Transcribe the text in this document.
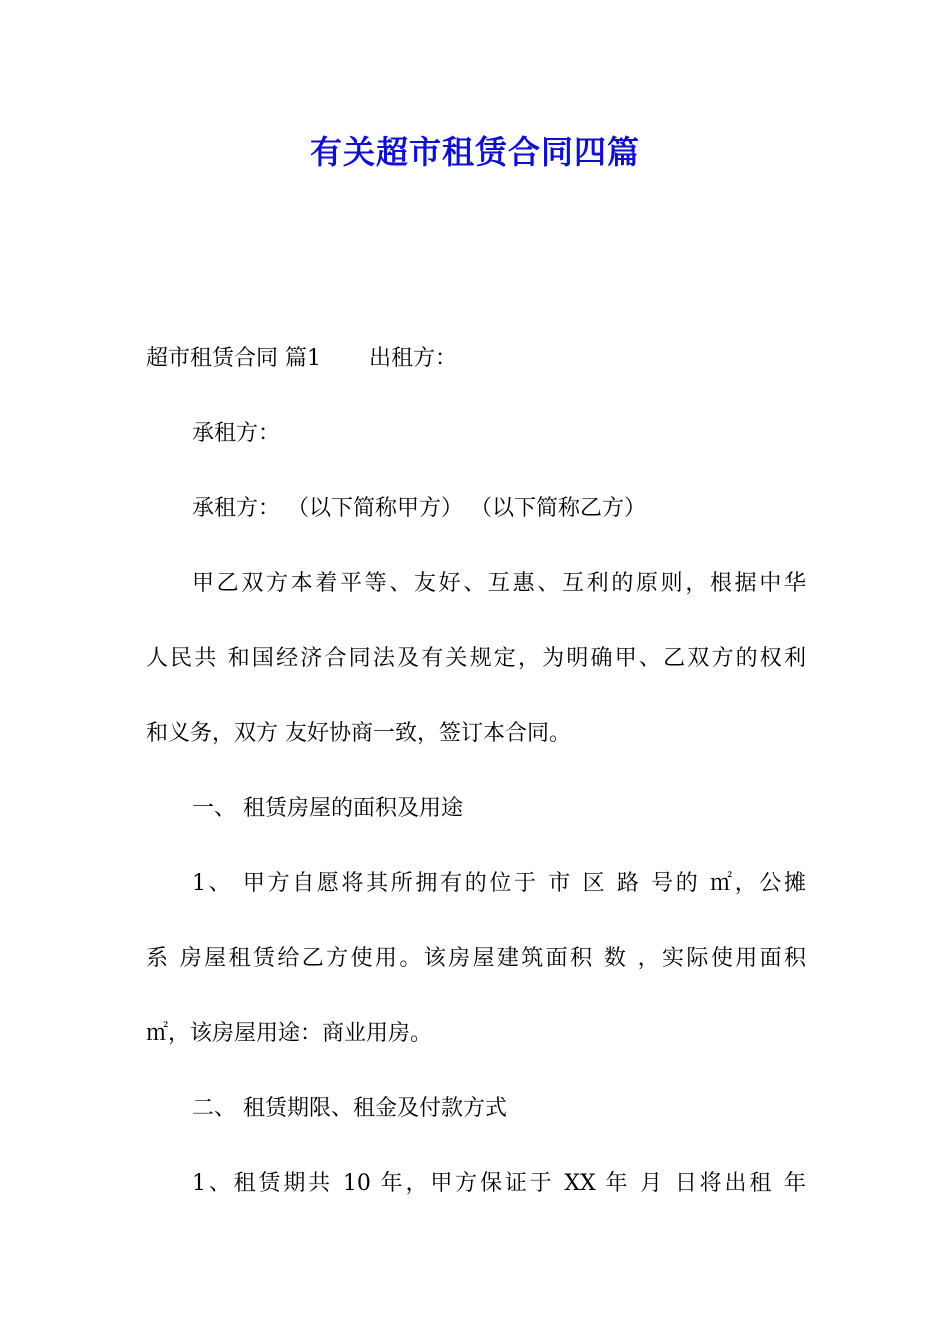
有关超市租赁合同四篇
超市租赁合同 篇1 出租方：
承租方：
承租方： （以下简称甲方） （以下简称乙方）
甲乙双方本着平等、友好、互惠、互利的原则，根据中华
人民共 和国经济合同法及有关规定，为明确甲、乙双方的权利
和义务，双方 友好协商一致，签订本合同。
一、 租赁房屋的面积及用途
1、 甲方自愿将其所拥有的位于 市 区 路 号的 ㎡，公摊
系 房屋租赁给乙方使用。该房屋建筑面积 数 ，实际使用面积
㎡，该房屋用途：商业用房。
二、 租赁期限、租金及付款方式
1、租赁期共 10 年，甲方保证于 XX 年 月 日将出租 年
